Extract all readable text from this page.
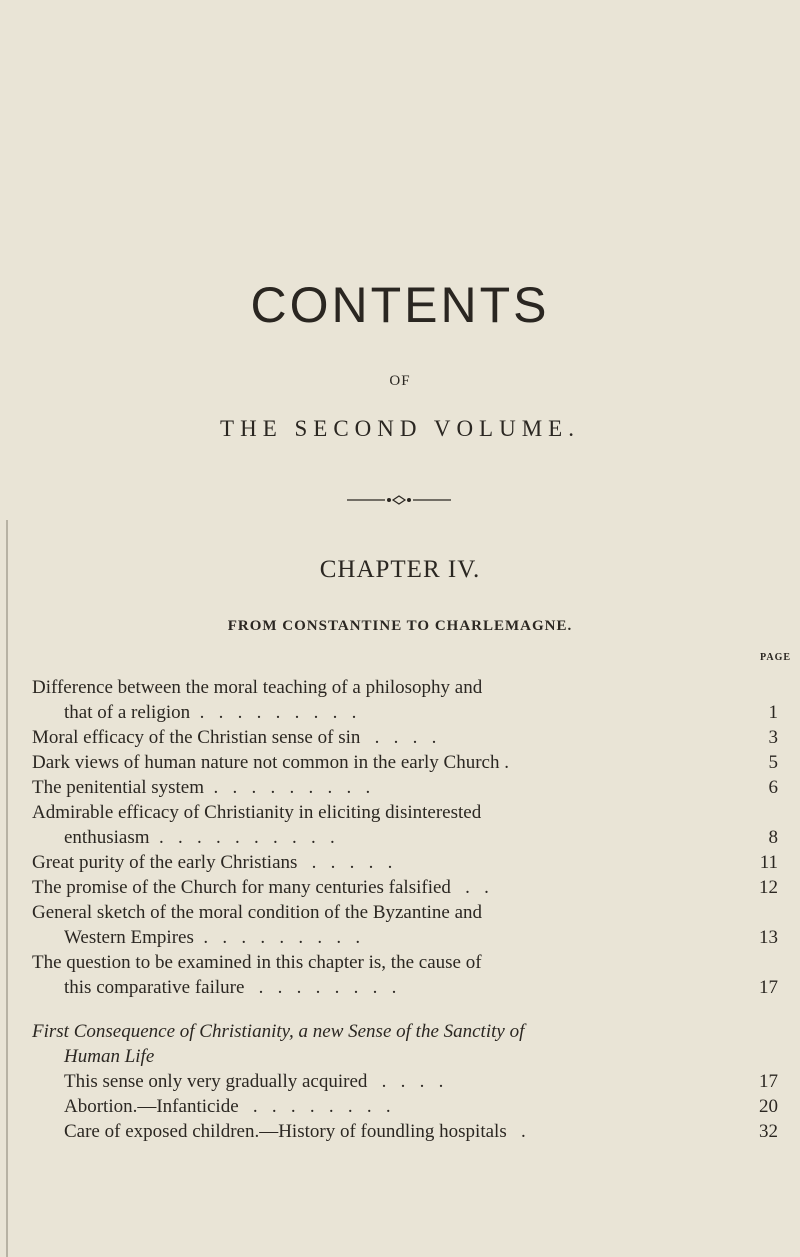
CONTENTS
OF
THE SECOND VOLUME.
CHAPTER IV.
FROM CONSTANTINE TO CHARLEMAGNE.
PAGE
Difference between the moral teaching of a philosophy and
that of a religion  .   .   .   .   .   .   .   .   .	1
Moral efficacy of the Christian sense of sin   .   .   .   .	3
Dark views of human nature not common in the early Church .	5
The penitential system  .   .   .   .   .   .   .   .   .	6
Admirable efficacy of Christianity in eliciting disinterested
enthusiasm  .   .   .   .   .   .   .   .   .   .	8
Great purity of the early Christians   .   .   .   .   .	11
The promise of the Church for many centuries falsified   .   .	12
General sketch of the moral condition of the Byzantine and
Western Empires  .   .   .   .   .   .   .   .   .	13
The question to be examined in this chapter is, the cause of
this comparative failure   .   .   .   .   .   .   .   .	17
First Consequence of Christianity, a new Sense of the Sanctity of
Human Life
This sense only very gradually acquired   .   .   .   .	17
Abortion.—Infanticide   .   .   .   .   .   .   .   .	20
Care of exposed children.—History of foundling hospitals   .	32
